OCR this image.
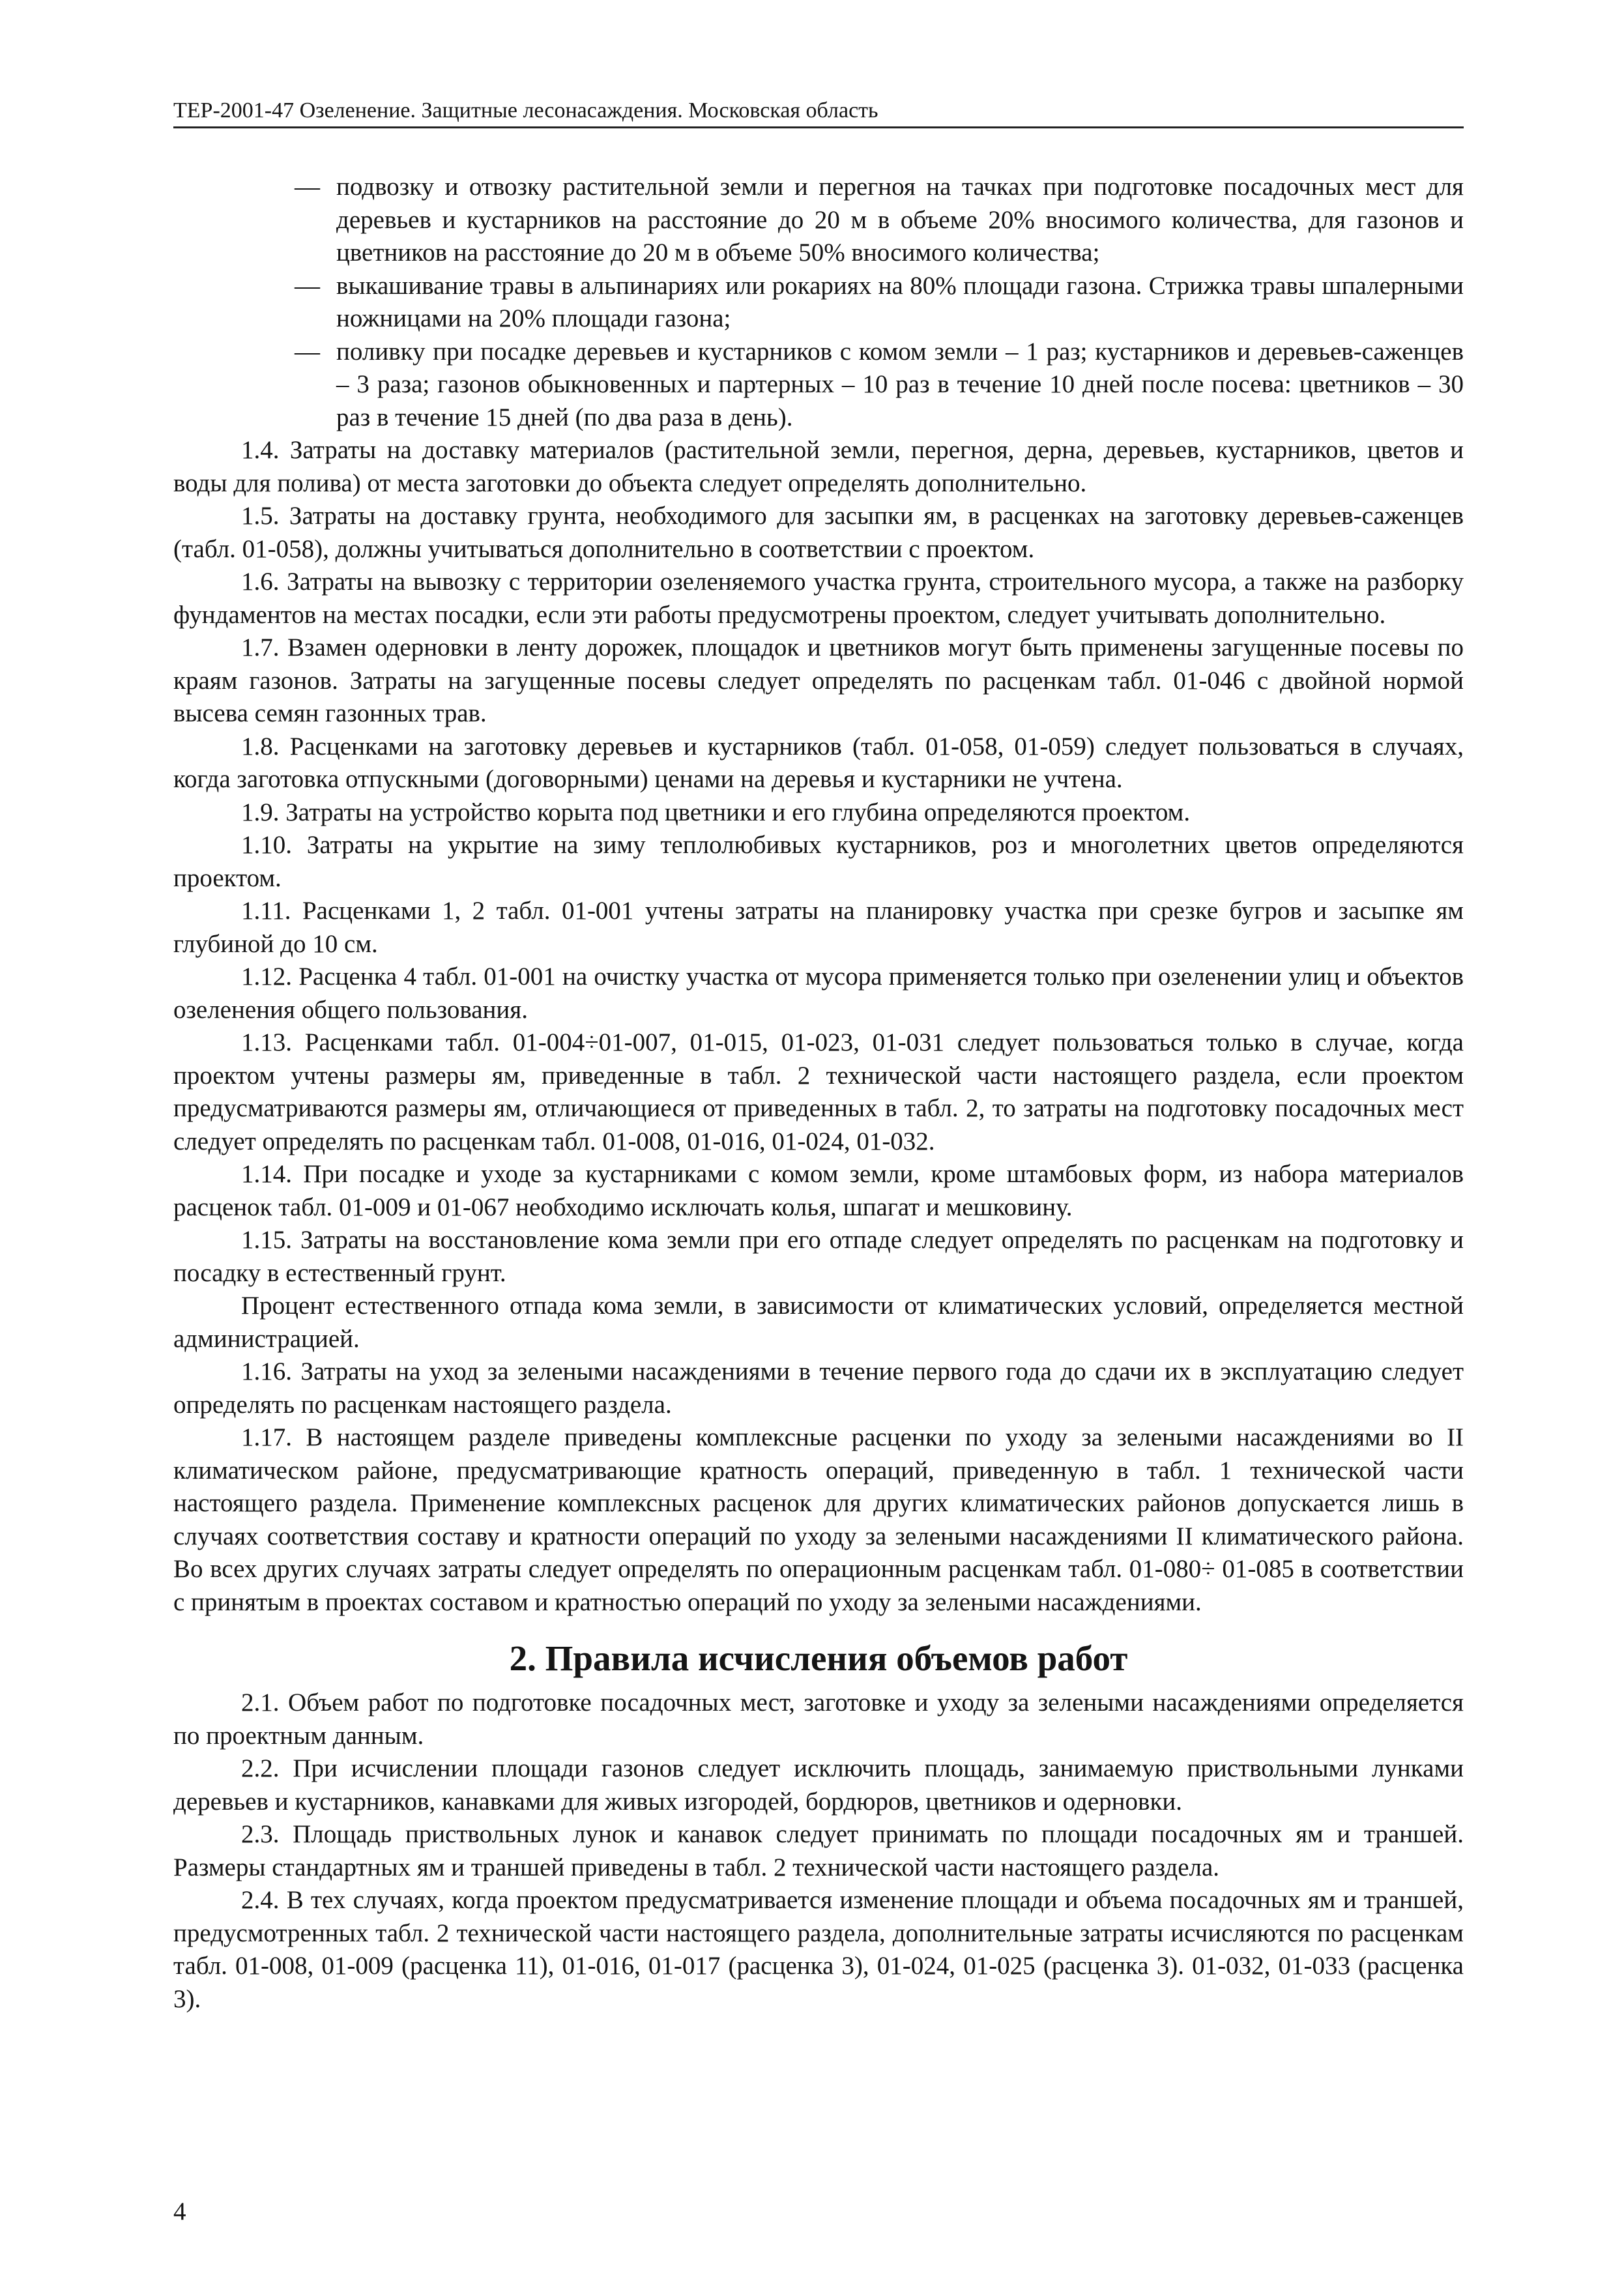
ТЕР-2001-47 Озеленение. Защитные лесонасаждения. Московская область
— подвозку и отвозку растительной земли и перегноя на тачках при подготовке посадочных мест для деревьев и кустарников на расстояние до 20 м в объеме 20% вносимого количества, для газонов и цветников на расстояние до 20 м в объеме 50% вносимого количества;
— выкашивание травы в альпинариях или рокариях на 80% площади газона. Стрижка травы шпалерными ножницами на 20% площади газона;
— поливку при посадке деревьев и кустарников с комом земли – 1 раз; кустарников и деревьев-саженцев – 3 раза; газонов обыкновенных и партерных – 10 раз в течение 10 дней после посева: цветников – 30 раз в течение 15 дней (по два раза в день).

1.4. Затраты на доставку материалов (растительной земли, перегноя, дерна, деревьев, кустарников, цветов и воды для полива) от места заготовки до объекта следует определять дополнительно.

1.5. Затраты на доставку грунта, необходимого для засыпки ям, в расценках на заготовку деревьев-саженцев (табл. 01-058), должны учитываться дополнительно в соответствии с проектом.

1.6. Затраты на вывозку с территории озеленяемого участка грунта, строительного мусора, а также на разборку фундаментов на местах посадки, если эти работы предусмотрены проектом, следует учитывать дополнительно.

1.7. Взамен одерновки в ленту дорожек, площадок и цветников могут быть применены загущенные посевы по краям газонов. Затраты на загущенные посевы следует определять по расценкам табл. 01-046 с двойной нормой высева семян газонных трав.

1.8. Расценками на заготовку деревьев и кустарников (табл. 01-058, 01-059) следует пользоваться в случаях, когда заготовка отпускными (договорными) ценами на деревья и кустарники не учтена.

1.9. Затраты на устройство корыта под цветники и его глубина определяются проектом.

1.10. Затраты на укрытие на зиму теплолюбивых кустарников, роз и многолетних цветов определяются проектом.

1.11. Расценками 1, 2 табл. 01-001 учтены затраты на планировку участка при срезке бугров и засыпке ям глубиной до 10 см.

1.12. Расценка 4 табл. 01-001 на очистку участка от мусора применяется только при озеленении улиц и объектов озеленения общего пользования.

1.13. Расценками табл. 01-004÷01-007, 01-015, 01-023, 01-031 следует пользоваться только в случае, когда проектом учтены размеры ям, приведенные в табл. 2 технической части настоящего раздела, если проектом предусматриваются размеры ям, отличающиеся от приведенных в табл. 2, то затраты на подготовку посадочных мест следует определять по расценкам табл. 01-008, 01-016, 01-024, 01-032.

1.14. При посадке и уходе за кустарниками с комом земли, кроме штамбовых форм, из набора материалов расценок табл. 01-009 и 01-067 необходимо исключать колья, шпагат и мешковину.

1.15. Затраты на восстановление кома земли при его отпаде следует определять по расценкам на подготовку и посадку в естественный грунт.

Процент естественного отпада кома земли, в зависимости от климатических условий, определяется местной администрацией.

1.16. Затраты на уход за зелеными насаждениями в течение первого года до сдачи их в эксплуатацию следует определять по расценкам настоящего раздела.

1.17. В настоящем разделе приведены комплексные расценки по уходу за зелеными насаждениями во II климатическом районе, предусматривающие кратность операций, приведенную в табл. 1 технической части настоящего раздела. Применение комплексных расценок для других климатических районов допускается лишь в случаях соответствия составу и кратности операций по уходу за зелеными насаждениями II климатического района. Во всех других случаях затраты следует определять по операционным расценкам табл. 01-080÷ 01-085 в соответствии с принятым в проектах составом и кратностью операций по уходу за зелеными насаждениями.

2. Правила исчисления объемов работ

2.1. Объем работ по подготовке посадочных мест, заготовке и уходу за зелеными насаждениями определяется по проектным данным.

2.2. При исчислении площади газонов следует исключить площадь, занимаемую приствольными лунками деревьев и кустарников, канавками для живых изгородей, бордюров, цветников и одерновки.

2.3. Площадь приствольных лунок и канавок следует принимать по площади посадочных ям и траншей. Размеры стандартных ям и траншей приведены в табл. 2 технической части настоящего раздела.

2.4. В тех случаях, когда проектом предусматривается изменение площади и объема посадочных ям и траншей, предусмотренных табл. 2 технической части настоящего раздела, дополнительные затраты исчисляются по расценкам табл. 01-008, 01-009 (расценка 11), 01-016, 01-017 (расценка 3), 01-024, 01-025 (расценка 3). 01-032, 01-033 (расценка 3).

4
